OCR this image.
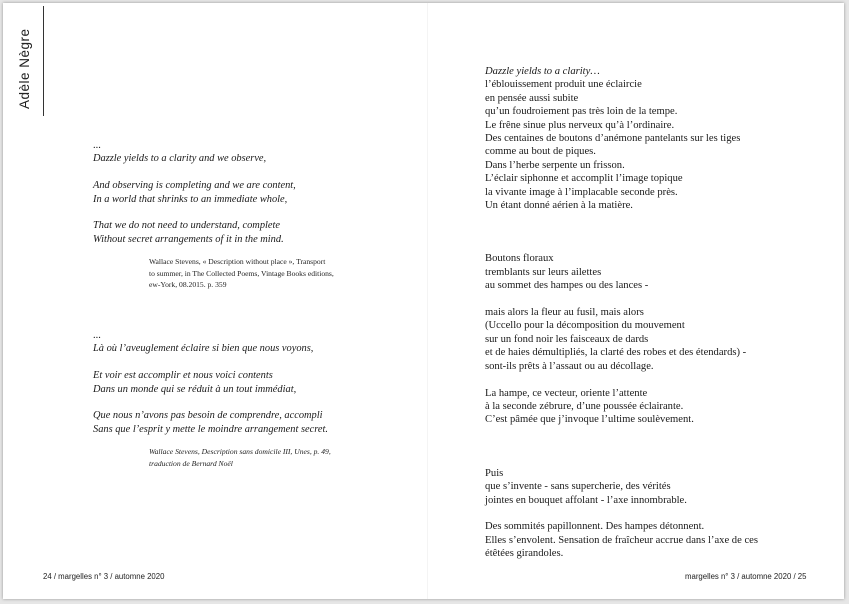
Adèle Nègre

...

Dazzle yields to a clarity and we observe,

And observing is completing and we are content,

In a world that shrinks to an immediate whole,

That we do not need to understand, complete

Without secret arrangements of it in the mind.

Wallace Stevens, « Description without place », Transport
to summer, in The Collected Poems, Vintage Books editions,
ew-York, 08.2015. p. 359

...

Là où l’aveuglement éclaire si bien que nous voyons,

Et voir est accomplir et nous voici contents

Dans un monde qui se réduit à un tout immédiat,

Que nous n’avons pas besoin de comprendre, accompli

Sans que l’esprit y mette le moindre arrangement secret.

Wallace Stevens, Description sans domicile III, Unes, p. 49,
traduction de Bernard Noël

24 / margelles n° 3 / automne 2020

Dazzle yields to a clarity…

l’éblouissement produit une éclaircie

en pensée aussi subite

qu’un foudroiement pas très loin de la tempe.

Le frêne sinue plus nerveux qu’à l’ordinaire.

Des centaines de boutons d’anémone pantelants sur les tiges

comme au bout de piques.

Dans l’herbe serpente un frisson.

L’éclair siphonne et accomplit l’image topique

la vivante image à l’implacable seconde près.

Un étant donné aérien à la matière.

Boutons floraux

tremblants sur leurs ailettes

au sommet des hampes ou des lances -

mais alors la fleur au fusil, mais alors

(Uccello pour la décomposition du mouvement

sur un fond noir les faisceaux de dards

et de haies démultipliés, la clarté des robes et des étendards) -

sont-ils prêts à l’assaut ou au décollage.

La hampe, ce vecteur, oriente l’attente

à la seconde zébrure, d’une poussée éclairante.

C’est pâmée que j’invoque l’ultime soulèvement.

Puis

que s’invente - sans supercherie, des vérités

jointes en bouquet affolant - l’axe innombrable.

Des sommités papillonnent. Des hampes détonnent.

Elles s’envolent. Sensation de fraîcheur accrue dans l’axe de ces

étêtées girandoles.

margelles n° 3 / automne 2020 / 25
